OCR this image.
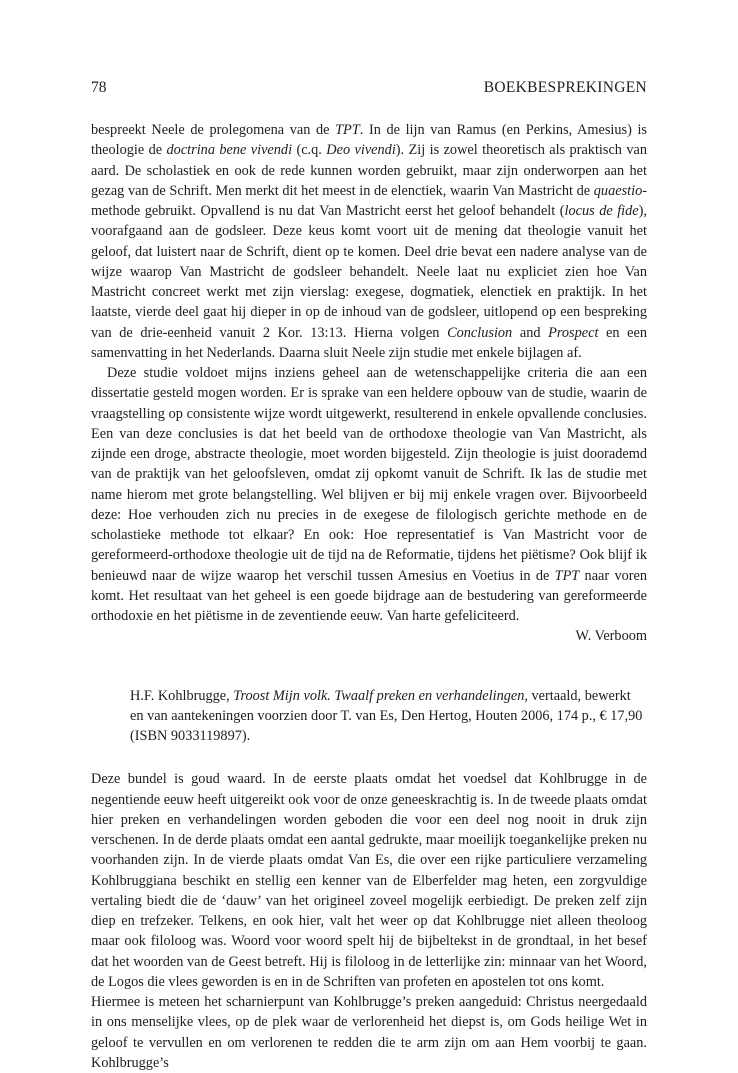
78	BOEKBESPREKINGEN

bespreekt Neele de prolegomena van de TPT. In de lijn van Ramus (en Perkins, Amesius) is theologie de doctrina bene vivendi (c.q. Deo vivendi). Zij is zowel theoretisch als praktisch van aard. De scholastiek en ook de rede kunnen worden gebruikt, maar zijn onderworpen aan het gezag van de Schrift. Men merkt dit het meest in de elenctiek, waarin Van Mastricht de quaestio-methode gebruikt. Opvallend is nu dat Van Mastricht eerst het geloof behandelt (locus de fide), voorafgaand aan de godsleer. Deze keus komt voort uit de mening dat theologie vanuit het geloof, dat luistert naar de Schrift, dient op te komen. Deel drie bevat een nadere analyse van de wijze waarop Van Mastricht de godsleer behandelt. Neele laat nu expliciet zien hoe Van Mastricht concreet werkt met zijn vierslag: exegese, dogmatiek, elenctiek en praktijk. In het laatste, vierde deel gaat hij dieper in op de inhoud van de godsleer, uitlopend op een bespreking van de drie-eenheid vanuit 2 Kor. 13:13. Hierna volgen Conclusion and Prospect en een samenvatting in het Nederlands. Daarna sluit Neele zijn studie met enkele bijlagen af.

Deze studie voldoet mijns inziens geheel aan de wetenschappelijke criteria die aan een dissertatie gesteld mogen worden. Er is sprake van een heldere opbouw van de studie, waarin de vraagstelling op consistente wijze wordt uitgewerkt, resulterend in enkele opvallende conclusies. Een van deze conclusies is dat het beeld van de orthodoxe theologie van Van Mastricht, als zijnde een droge, abstracte theologie, moet worden bijgesteld. Zijn theologie is juist doorademd van de praktijk van het geloofsleven, omdat zij opkomt vanuit de Schrift. Ik las de studie met name hierom met grote belangstelling. Wel blijven er bij mij enkele vragen over. Bijvoorbeeld deze: Hoe verhouden zich nu precies in de exegese de filologisch gerichte methode en de scholastieke methode tot elkaar? En ook: Hoe representatief is Van Mastricht voor de gereformeerd-orthodoxe theologie uit de tijd na de Reformatie, tijdens het piëtisme? Ook blijf ik benieuwd naar de wijze waarop het verschil tussen Amesius en Voetius in de TPT naar voren komt. Het resultaat van het geheel is een goede bijdrage aan de bestudering van gereformeerde orthodoxie en het piëtisme in de zeventiende eeuw. Van harte gefeliciteerd.

W. Verboom

H.F. Kohlbrugge, Troost Mijn volk. Twaalf preken en verhandelingen, vertaald, bewerkt en van aantekeningen voorzien door T. van Es, Den Hertog, Houten 2006, 174 p., € 17,90 (ISBN 9033119897).

Deze bundel is goud waard. In de eerste plaats omdat het voedsel dat Kohlbrugge in de negentiende eeuw heeft uitgereikt ook voor de onze geneeskrachtig is. In de tweede plaats omdat hier preken en verhandelingen worden geboden die voor een deel nog nooit in druk zijn verschenen. In de derde plaats omdat een aantal gedrukte, maar moeilijk toegankelijke preken nu voorhanden zijn. In de vierde plaats omdat Van Es, die over een rijke particuliere verzameling Kohlbruggiana beschikt en stellig een kenner van de Elberfelder mag heten, een zorgvuldige vertaling biedt die de ‘dauw’ van het origineel zoveel mogelijk eerbiedigt. De preken zelf zijn diep en trefzeker. Telkens, en ook hier, valt het weer op dat Kohlbrugge niet alleen theoloog maar ook filoloog was. Woord voor woord spelt hij de bijbeltekst in de grondtaal, in het besef dat het woorden van de Geest betreft. Hij is filoloog in de letterlijke zin: minnaar van het Woord, de Logos die vlees geworden is en in de Schriften van profeten en apostelen tot ons komt.

Hiermee is meteen het scharnierpunt van Kohlbrugge’s preken aangeduid: Christus neergedaald in ons menselijke vlees, op de plek waar de verlorenheid het diepst is, om Gods heilige Wet in geloof te vervullen en om verlorenen te redden die te arm zijn om aan Hem voorbij te gaan. Kohlbrugge’s
